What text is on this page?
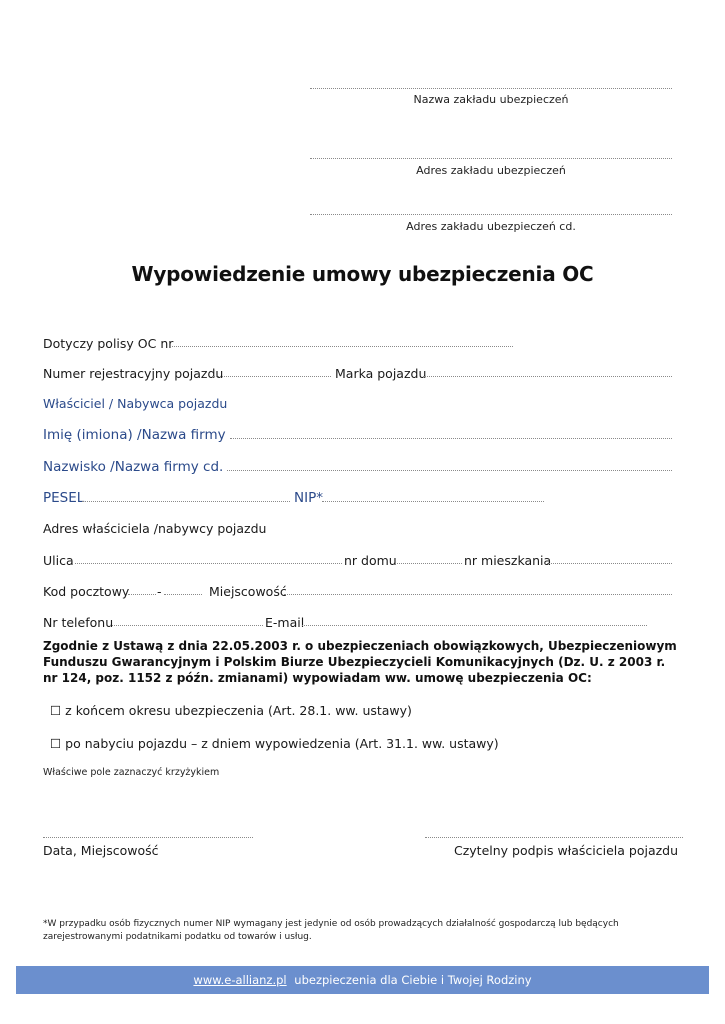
Nazwa zakładu ubezpieczeń
Adres zakładu ubezpieczeń
Adres zakładu ubezpieczeń cd.
Wypowiedzenie umowy ubezpieczenia OC
Dotyczy polisy OC nr
Numer rejestracyjny pojazdu	Marka pojazdu
Właściciel / Nabywca pojazdu
Imię (imiona) /Nazwa firmy
Nazwisko /Nazwa firmy cd.
PESEL	NIP*
Adres właściciela /nabywcy pojazdu
Ulica	nr domu	nr mieszkania
Kod pocztowy -	Miejscowość
Nr telefonu	E-mail
Zgodnie z Ustawą z dnia 22.05.2003 r. o ubezpieczeniach obowiązkowych, Ubezpieczeniowym Funduszu Gwarancyjnym i Polskim Biurze Ubezpieczycieli Komunikacyjnych (Dz. U. z 2003 r. nr 124, poz. 1152 z późn. zmianami) wypowiadam ww. umowę ubezpieczenia OC:
☐ z końcem okresu ubezpieczenia (Art. 28.1. ww. ustawy)
☐ po nabyciu pojazdu – z dniem wypowiedzenia (Art. 31.1. ww. ustawy)
Właściwe pole zaznaczyć krzyżykiem
Data, Miejscowość	Czytelny podpis właściciela pojazdu
*W przypadku osób fizycznych numer NIP wymagany jest jedynie od osób prowadzących działalność gospodarczą lub będących zarejestrowanymi podatnikami podatku od towarów i usług.
www.e-allianz.pl ubezpieczenia dla Ciebie i Twojej Rodziny
